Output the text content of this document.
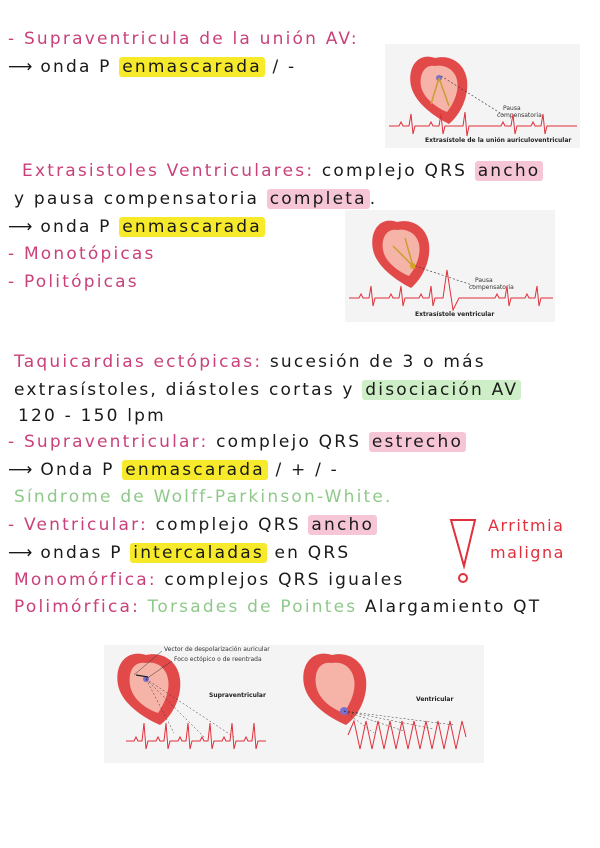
- Supraventricula de la unión AV:
⟶ onda P enmascarada / -
Pausa
compensatoria
Extrasístole de la unión auriculoventricular
Extrasistoles Ventriculares: complejo QRS ancho
y pausa compensatoria completa .
⟶ onda P enmascarada
- Monotópicas
- Politópicas	Pausa
compensatoria
Extrasístole ventricular
Taquicardias ectópicas: sucesión de 3 o más
extrasístoles, diástoles cortas y disociación AV
120 - 150 lpm
- Supraventricular: complejo QRS estrecho
⟶ Onda P enmascarada / + / -
Síndrome de Wolff-Parkinson-White.
- Ventricular: complejo QRS ancho
⟶ ondas P intercaladas en QRS
Monomórfica: complejos QRS iguales
Polimórfica: Torsades de Pointes Alargamiento QT
Arritmia
maligna
Vector de despolarización auricular
Foco ectópico o de reentrada
Supraventricular
Ventricular
